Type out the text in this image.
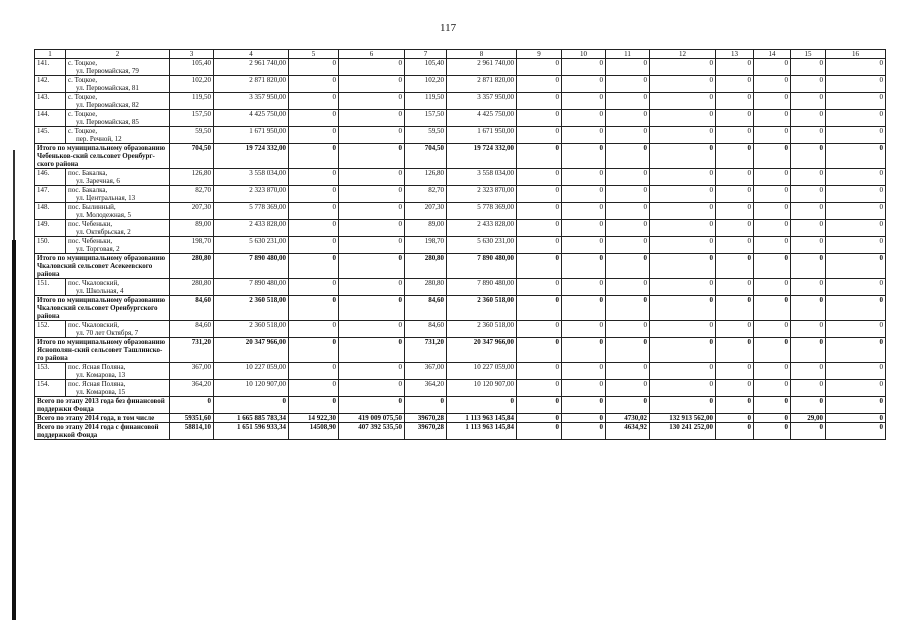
117
1	2	3	4	5	6	7	8	9	10	11	12	13	14	15	16
141.	с. Тоцкое,
ул. Первомайская, 79	105,40	2 961 740,00	0	0	105,40	2 961 740,00	0	0	0	0	0	0	0	0
142.	с. Тоцкое,
ул. Первомайская, 81	102,20	2 871 820,00	0	0	102,20	2 871 820,00	0	0	0	0	0	0	0	0
143.	с. Тоцкое,
ул. Первомайская, 82	119,50	3 357 950,00	0	0	119,50	3 357 950,00	0	0	0	0	0	0	0	0
144.	с. Тоцкое,
ул. Первомайская, 85	157,50	4 425 750,00	0	0	157,50	4 425 750,00	0	0	0	0	0	0	0	0
145.	с. Тоцкое,
пер. Речной, 12	59,50	1 671 950,00	0	0	59,50	1 671 950,00	0	0	0	0	0	0	0	0
Итого по муниципальному образованию Чебеньков-ский сельсовет Оренбург-ского района		704,50	19 724 332,00	0	0	704,50	19 724 332,00	0	0	0	0	0	0	0	0
146.	пос. Бакалка,
ул. Заречная, 6	126,80	3 558 034,00	0	0	126,80	3 558 034,00	0	0	0	0	0	0	0	0
147.	пос. Бакалка,
ул. Центральная, 13	82,70	2 323 870,00	0	0	82,70	2 323 870,00	0	0	0	0	0	0	0	0
148.	пос. Былинный,
ул. Молодежная, 5	207,30	5 778 369,00	0	0	207,30	5 778 369,00	0	0	0	0	0	0	0	0
149.	пос. Чебеньки,
ул. Октябрьская, 2	89,00	2 433 828,00	0	0	89,00	2 433 828,00	0	0	0	0	0	0	0	0
150.	пос. Чебеньки,
ул. Торговая, 2	198,70	5 630 231,00	0	0	198,70	5 630 231,00	0	0	0	0	0	0	0	0
Итого по муниципальному образованию Чкаловский сельсовет Асекеевского района		280,80	7 890 480,00	0	0	280,80	7 890 480,00	0	0	0	0	0	0	0	0
151.	пос. Чкаловский,
ул. Школьная, 4	280,80	7 890 480,00	0	0	280,80	7 890 480,00	0	0	0	0	0	0	0	0
Итого по муниципальному образованию Чкаловский сельсовет Оренбургского района		84,60	2 360 518,00	0	0	84,60	2 360 518,00	0	0	0	0	0	0	0	0
152.	пос. Чкаловский,
ул. 70 лет Октября, 7	84,60	2 360 518,00	0	0	84,60	2 360 518,00	0	0	0	0	0	0	0	0
Итого по муниципальному образованию Яснополян-ский сельсовет Ташлинско-го района		731,20	20 347 966,00	0	0	731,20	20 347 966,00	0	0	0	0	0	0	0	0
153.	пос. Ясная Поляна,
ул. Комарова, 13	367,00	10 227 059,00	0	0	367,00	10 227 059,00	0	0	0	0	0	0	0	0
154.	пос. Ясная Поляна,
ул. Комарова, 15	364,20	10 120 907,00	0	0	364,20	10 120 907,00	0	0	0	0	0	0	0	0
Всего по этапу 2013 года без финансовой поддержки Фонда		0	0	0	0	0	0	0	0	0	0	0	0	0	0
Всего по этапу 2014 года, в том числе		59351,60	1 665 885 783,34	14 922,30	419 009 075,50	39670,28	1 113 963 145,84	0	0	4730,02	132 913 562,00	0	0	29,00	0
Всего по этапу 2014 года с финансовой поддержкой Фонда		58814,10	1 651 596 933,34	14508,90	407 392 535,50	39670,28	1 113 963 145,84	0	0	4634,92	130 241 252,00	0	0	0	0
